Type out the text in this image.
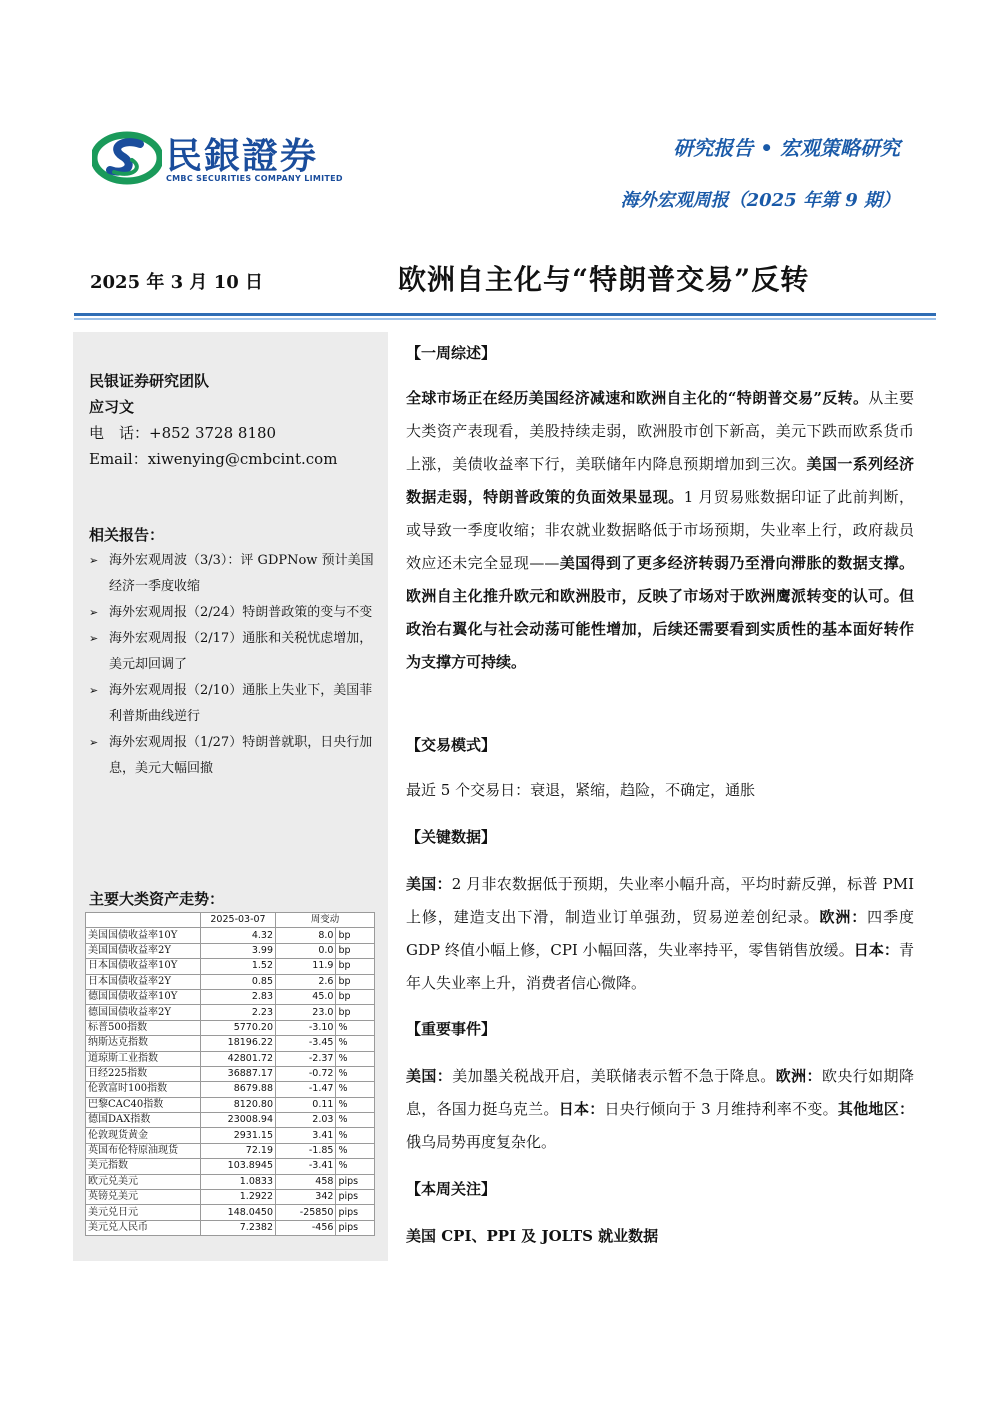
民銀證券
CMBC SECURITIES COMPANY LIMITED
研究报告 • 宏观策略研究
海外宏观周报（2025 年第 9 期）
2025 年 3 月 10 日	欧洲自主化与“特朗普交易”反转
民银证券研究团队
应习文
电　话：+852 3728 8180
Email：xiwenying@cmbcint.com
相关报告：
➢ 海外宏观周波（3/3）：评 GDPNow 预计美国经济一季度收缩
➢ 海外宏观周报（2/24）特朗普政策的变与不变
➢ 海外宏观周报（2/17）通胀和关税忧虑增加，美元却回调了
➢ 海外宏观周报（2/10）通胀上失业下，美国菲利普斯曲线逆行
➢ 海外宏观周报（1/27）特朗普就职，日央行加息，美元大幅回撤
主要大类资产走势：
	2025-03-07	周变动	
美国国债收益率10Y	4.32	8.0	bp
美国国债收益率2Y	3.99	0.0	bp
日本国债收益率10Y	1.52	11.9	bp
日本国债收益率2Y	0.85	2.6	bp
德国国债收益率10Y	2.83	45.0	bp
德国国债收益率2Y	2.23	23.0	bp
标普500指数	5770.20	-3.10	%
纳斯达克指数	18196.22	-3.45	%
道琼斯工业指数	42801.72	-2.37	%
日经225指数	36887.17	-0.72	%
伦敦富时100指数	8679.88	-1.47	%
巴黎CAC40指数	8120.80	0.11	%
德国DAX指数	23008.94	2.03	%
伦敦现货黄金	2931.15	3.41	%
英国布伦特原油现货	72.19	-1.85	%
美元指数	103.8945	-3.41	%
欧元兑美元	1.0833	458	pips
英镑兑美元	1.2922	342	pips
美元兑日元	148.0450	-25850	pips
美元兑人民币	7.2382	-456	pips
【一周综述】
全球市场正在经历美国经济减速和欧洲自主化的“特朗普交易”反转。从主要大类资产表现看，美股持续走弱，欧洲股市创下新高，美元下跌而欧系货币上涨，美债收益率下行，美联储年内降息预期增加到三次。美国一系列经济数据走弱，特朗普政策的负面效果显现。1 月贸易账数据印证了此前判断，或导致一季度收缩；非农就业数据略低于市场预期，失业率上行，政府裁员效应还未完全显现——美国得到了更多经济转弱乃至滑向滞胀的数据支撑。欧洲自主化推升欧元和欧洲股市，反映了市场对于欧洲鹰派转变的认可。但政治右翼化与社会动荡可能性增加，后续还需要看到实质性的基本面好转作为支撑方可持续。
【交易模式】
最近 5 个交易日：衰退，紧缩，趋险，不确定，通胀
【关键数据】
美国：2 月非农数据低于预期，失业率小幅升高，平均时薪反弹，标普 PMI 上修，建造支出下滑，制造业订单强劲，贸易逆差创纪录。欧洲：四季度 GDP 终值小幅上修，CPI 小幅回落，失业率持平，零售销售放缓。日本：青年人失业率上升，消费者信心微降。
【重要事件】
美国：美加墨关税战开启，美联储表示暂不急于降息。欧洲：欧央行如期降息，各国力挺乌克兰。日本：日央行倾向于 3 月维持利率不变。其他地区：俄乌局势再度复杂化。
【本周关注】
美国 CPI、PPI 及 JOLTS 就业数据
